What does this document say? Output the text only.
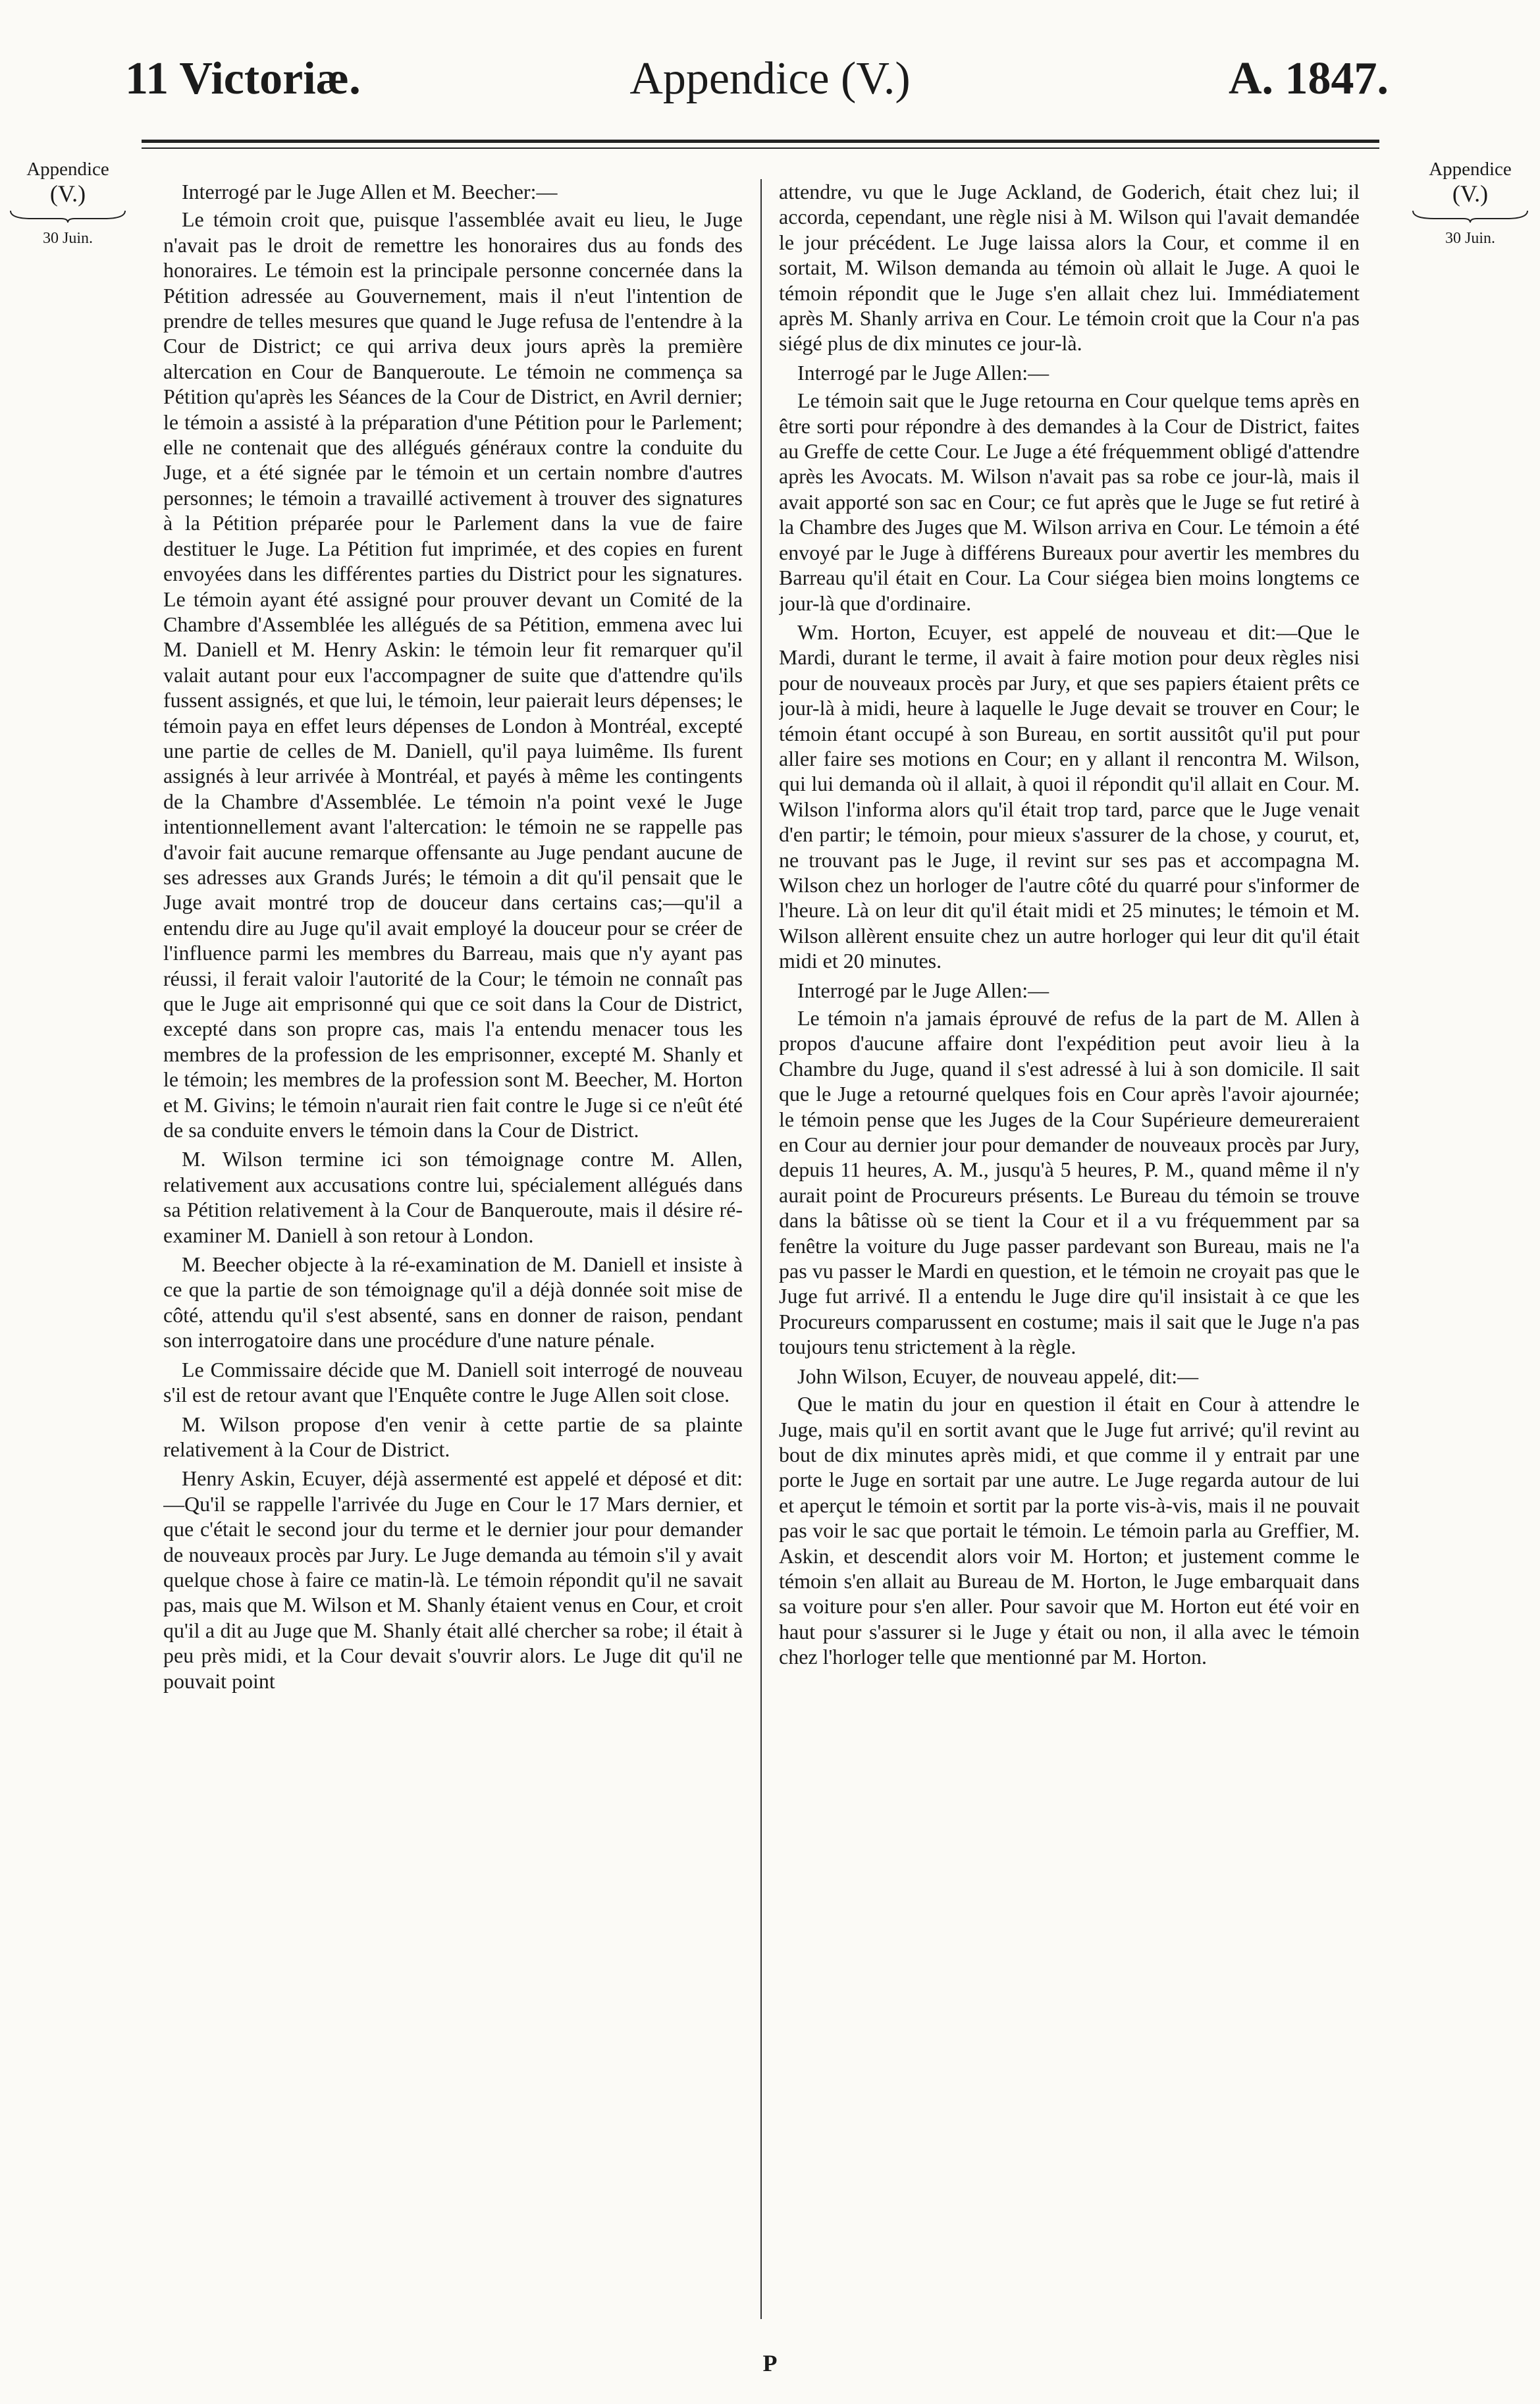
11 Victoriæ.	Appendice (V.)	A. 1847.
Appendice
(V.)
30 Juin.
Appendice
(V.)
30 Juin.

Interrogé par le Juge Allen et M. Beecher:—

Le témoin croit que, puisque l'assemblée avait eu lieu, le Juge n'avait pas le droit de remettre les honoraires dus au fonds des honoraires. Le témoin est la principale personne concernée dans la Pétition adressée au Gouvernement, mais il n'eut l'intention de prendre de telles mesures que quand le Juge refusa de l'entendre à la Cour de District; ce qui arriva deux jours après la première altercation en Cour de Banqueroute. Le témoin ne commença sa Pétition qu'après les Séances de la Cour de District, en Avril dernier; le témoin a assisté à la préparation d'une Pétition pour le Parlement; elle ne contenait que des allégués généraux contre la conduite du Juge, et a été signée par le témoin et un certain nombre d'autres personnes; le témoin a travaillé activement à trouver des signatures à la Pétition préparée pour le Parlement dans la vue de faire destituer le Juge. La Pétition fut imprimée, et des copies en furent envoyées dans les différentes parties du District pour les signatures. Le témoin ayant été assigné pour prouver devant un Comité de la Chambre d'Assemblée les allégués de sa Pétition, emmena avec lui M. Daniell et M. Henry Askin: le témoin leur fit remarquer qu'il valait autant pour eux l'accompagner de suite que d'attendre qu'ils fussent assignés, et que lui, le témoin, leur paierait leurs dépenses; le témoin paya en effet leurs dépenses de London à Montréal, excepté une partie de celles de M. Daniell, qu'il paya luimême. Ils furent assignés à leur arrivée à Montréal, et payés à même les contingents de la Chambre d'Assemblée. Le témoin n'a point vexé le Juge intentionnellement avant l'altercation: le témoin ne se rappelle pas d'avoir fait aucune remarque offensante au Juge pendant aucune de ses adresses aux Grands Jurés; le témoin a dit qu'il pensait que le Juge avait montré trop de douceur dans certains cas;—qu'il a entendu dire au Juge qu'il avait employé la douceur pour se créer de l'influence parmi les membres du Barreau, mais que n'y ayant pas réussi, il ferait valoir l'autorité de la Cour; le témoin ne connaît pas que le Juge ait emprisonné qui que ce soit dans la Cour de District, excepté dans son propre cas, mais l'a entendu menacer tous les membres de la profession de les emprisonner, excepté M. Shanly et le témoin; les membres de la profession sont M. Beecher, M. Horton et M. Givins; le témoin n'aurait rien fait contre le Juge si ce n'eût été de sa conduite envers le témoin dans la Cour de District.

M. Wilson termine ici son témoignage contre M. Allen, relativement aux accusations contre lui, spécialement allégués dans sa Pétition relativement à la Cour de Banqueroute, mais il désire ré-examiner M. Daniell à son retour à London.

M. Beecher objecte à la ré-examination de M. Daniell et insiste à ce que la partie de son témoignage qu'il a déjà donnée soit mise de côté, attendu qu'il s'est absenté, sans en donner de raison, pendant son interrogatoire dans une procédure d'une nature pénale.

Le Commissaire décide que M. Daniell soit interrogé de nouveau s'il est de retour avant que l'Enquête contre le Juge Allen soit close.

M. Wilson propose d'en venir à cette partie de sa plainte relativement à la Cour de District.

Henry Askin, Ecuyer, déjà assermenté est appelé et déposé et dit:—Qu'il se rappelle l'arrivée du Juge en Cour le 17 Mars dernier, et que c'était le second jour du terme et le dernier jour pour demander de nouveaux procès par Jury. Le Juge demanda au témoin s'il y avait quelque chose à faire ce matin-là. Le témoin répondit qu'il ne savait pas, mais que M. Wilson et M. Shanly étaient venus en Cour, et croit qu'il a dit au Juge que M. Shanly était allé chercher sa robe; il était à peu près midi, et la Cour devait s'ouvrir alors. Le Juge dit qu'il ne pouvait point

attendre, vu que le Juge Ackland, de Goderich, était chez lui; il accorda, cependant, une règle nisi à M. Wilson qui l'avait demandée le jour précédent. Le Juge laissa alors la Cour, et comme il en sortait, M. Wilson demanda au témoin où allait le Juge. A quoi le témoin répondit que le Juge s'en allait chez lui. Immédiatement après M. Shanly arriva en Cour. Le témoin croit que la Cour n'a pas siégé plus de dix minutes ce jour-là.

Interrogé par le Juge Allen:—

Le témoin sait que le Juge retourna en Cour quelque tems après en être sorti pour répondre à des demandes à la Cour de District, faites au Greffe de cette Cour. Le Juge a été fréquemment obligé d'attendre après les Avocats. M. Wilson n'avait pas sa robe ce jour-là, mais il avait apporté son sac en Cour; ce fut après que le Juge se fut retiré à la Chambre des Juges que M. Wilson arriva en Cour. Le témoin a été envoyé par le Juge à différens Bureaux pour avertir les membres du Barreau qu'il était en Cour. La Cour siégea bien moins longtems ce jour-là que d'ordinaire.

Wm. Horton, Ecuyer, est appelé de nouveau et dit:—Que le Mardi, durant le terme, il avait à faire motion pour deux règles nisi pour de nouveaux procès par Jury, et que ses papiers étaient prêts ce jour-là à midi, heure à laquelle le Juge devait se trouver en Cour; le témoin étant occupé à son Bureau, en sortit aussitôt qu'il put pour aller faire ses motions en Cour; en y allant il rencontra M. Wilson, qui lui demanda où il allait, à quoi il répondit qu'il allait en Cour. M. Wilson l'informa alors qu'il était trop tard, parce que le Juge venait d'en partir; le témoin, pour mieux s'assurer de la chose, y courut, et, ne trouvant pas le Juge, il revint sur ses pas et accompagna M. Wilson chez un horloger de l'autre côté du quarré pour s'informer de l'heure. Là on leur dit qu'il était midi et 25 minutes; le témoin et M. Wilson allèrent ensuite chez un autre horloger qui leur dit qu'il était midi et 20 minutes.

Interrogé par le Juge Allen:—

Le témoin n'a jamais éprouvé de refus de la part de M. Allen à propos d'aucune affaire dont l'expédition peut avoir lieu à la Chambre du Juge, quand il s'est adressé à lui à son domicile. Il sait que le Juge a retourné quelques fois en Cour après l'avoir ajournée; le témoin pense que les Juges de la Cour Supérieure demeureraient en Cour au dernier jour pour demander de nouveaux procès par Jury, depuis 11 heures, A. M., jusqu'à 5 heures, P. M., quand même il n'y aurait point de Procureurs présents. Le Bureau du témoin se trouve dans la bâtisse où se tient la Cour et il a vu fréquemment par sa fenêtre la voiture du Juge passer pardevant son Bureau, mais ne l'a pas vu passer le Mardi en question, et le témoin ne croyait pas que le Juge fut arrivé. Il a entendu le Juge dire qu'il insistait à ce que les Procureurs comparussent en costume; mais il sait que le Juge n'a pas toujours tenu strictement à la règle.

John Wilson, Ecuyer, de nouveau appelé, dit:—

Que le matin du jour en question il était en Cour à attendre le Juge, mais qu'il en sortit avant que le Juge fut arrivé; qu'il revint au bout de dix minutes après midi, et que comme il y entrait par une porte le Juge en sortait par une autre. Le Juge regarda autour de lui et aperçut le témoin et sortit par la porte vis-à-vis, mais il ne pouvait pas voir le sac que portait le témoin. Le témoin parla au Greffier, M. Askin, et descendit alors voir M. Horton; et justement comme le témoin s'en allait au Bureau de M. Horton, le Juge embarquait dans sa voiture pour s'en aller. Pour savoir que M. Horton eut été voir en haut pour s'assurer si le Juge y était ou non, il alla avec le témoin chez l'horloger telle que mentionné par M. Horton.

P
